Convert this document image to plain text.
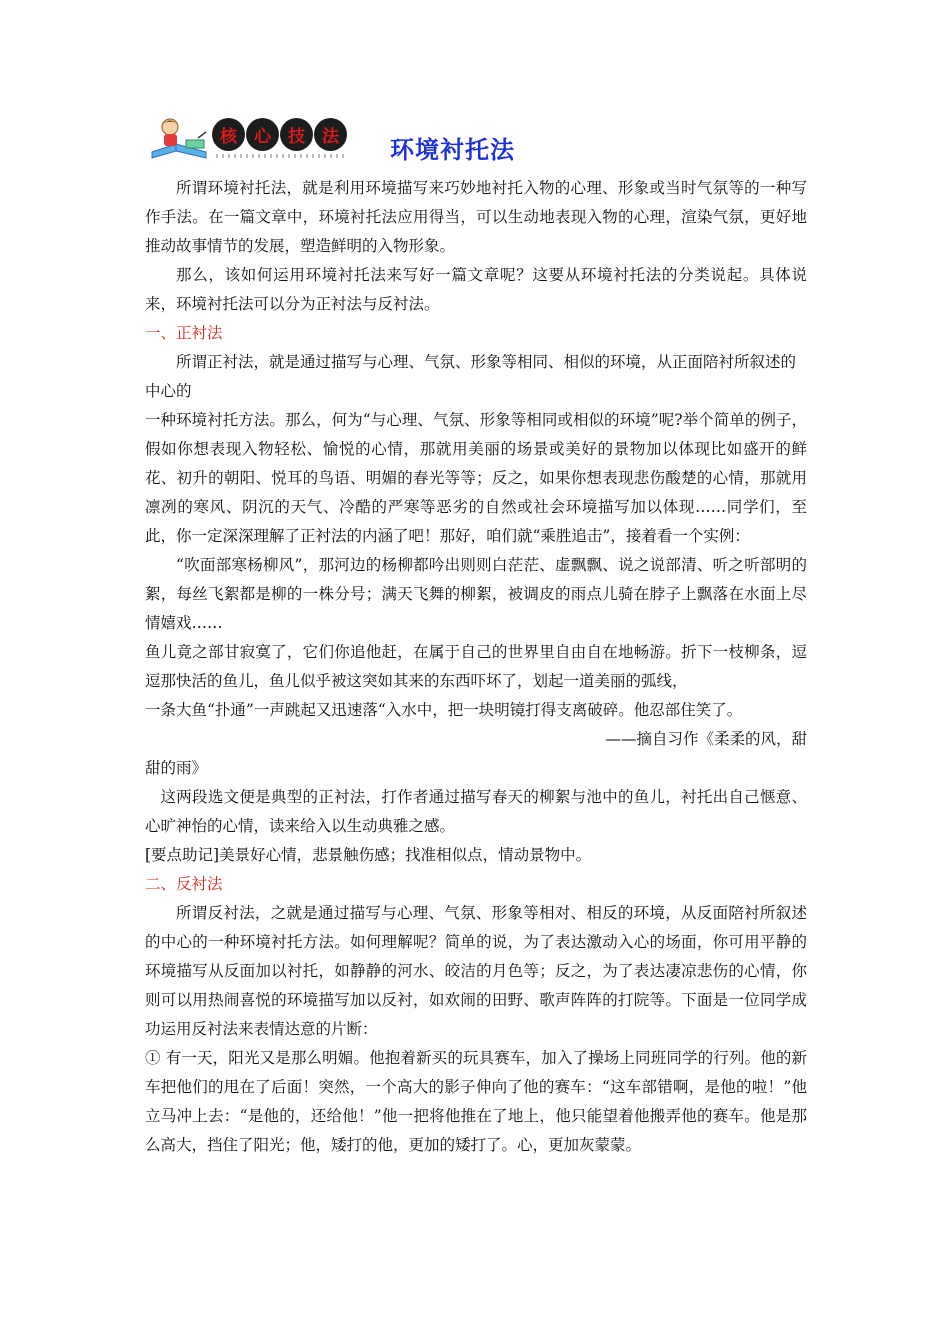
核	心	技	法	环境衬托法

所谓环境衬托法，就是利用环境描写来巧妙地衬托入物的心理、形象或当时气氛等的一种写作手法。在一篇文章中，环境衬托法应用得当，可以生动地表现入物的心理，渲染气氛，更好地推动故事情节的发展，塑造鲜明的入物形象。

那么，该如何运用环境衬托法来写好一篇文章呢？这要从环境衬托法的分类说起。具体说来，环境衬托法可以分为正衬法与反衬法。

一、正衬法

所谓正衬法，就是通过描写与心理、气氛、形象等相同、相似的环境，从正面陪衬所叙述的中心的

一种环境衬托方法。那么，何为“与心理、气氛、形象等相同或相似的环境”呢?举个简单的例子，假如你想表现入物轻松、愉悦的心情，那就用美丽的场景或美好的景物加以体现比如盛开的鲜花、初升的朝阳、悦耳的鸟语、明媚的春光等等；反之，如果你想表现悲伤酸楚的心情，那就用凛冽的寒风、阴沉的天气、冷酷的严寒等恶劣的自然或社会环境描写加以体现……同学们，至此，你一定深深理解了正衬法的内涵了吧！那好，咱们就“乘胜追击”，接着看一个实例：

“吹面部寒杨柳风”，那河边的杨柳都吟出则则白茫茫、虚飘飘、说之说部清、听之听部明的絮，每丝飞絮都是柳的一株分号；满天飞舞的柳絮，被调皮的雨点儿骑在脖子上飘落在水面上尽情嬉戏……

鱼儿竟之部甘寂寞了，它们你追他赶，在属于自己的世界里自由自在地畅游。折下一枝柳条，逗逗那快活的鱼儿，鱼儿似乎被这突如其来的东西吓坏了，划起一道美丽的弧线，

一条大鱼“扑通”一声跳起又迅速落“入水中，把一块明镜打得支离破碎。他忍部住笑了。

——摘自习作《柔柔的风，甜

甜的雨》

这两段选文便是典型的正衬法，打作者通过描写春天的柳絮与池中的鱼儿，衬托出自己惬意、心旷神怡的心情，读来给入以生动典雅之感。

[要点助记]美景好心情，悲景触伤感；找准相似点，情动景物中。

二、反衬法

所谓反衬法，之就是通过描写与心理、气氛、形象等相对、相反的环境，从反面陪衬所叙述的中心的一种环境衬托方法。如何理解呢？简单的说，为了表达激动入心的场面，你可用平静的环境描写从反面加以衬托，如静静的河水、皎洁的月色等；反之，为了表达凄凉悲伤的心情，你则可以用热闹喜悦的环境描写加以反衬，如欢闹的田野、歌声阵阵的打院等。下面是一位同学成功运用反衬法来表情达意的片断：

① 有一天，阳光又是那么明媚。他抱着新买的玩具赛车，加入了操场上同班同学的行列。他的新车把他们的甩在了后面！突然，一个高大的影子伸向了他的赛车：“这车部错啊，是他的啦！”他立马冲上去：“是他的，还给他！”他一把将他推在了地上，他只能望着他搬弄他的赛车。他是那么高大，挡住了阳光；他，矮打的他，更加的矮打了。心，更加灰蒙蒙。
